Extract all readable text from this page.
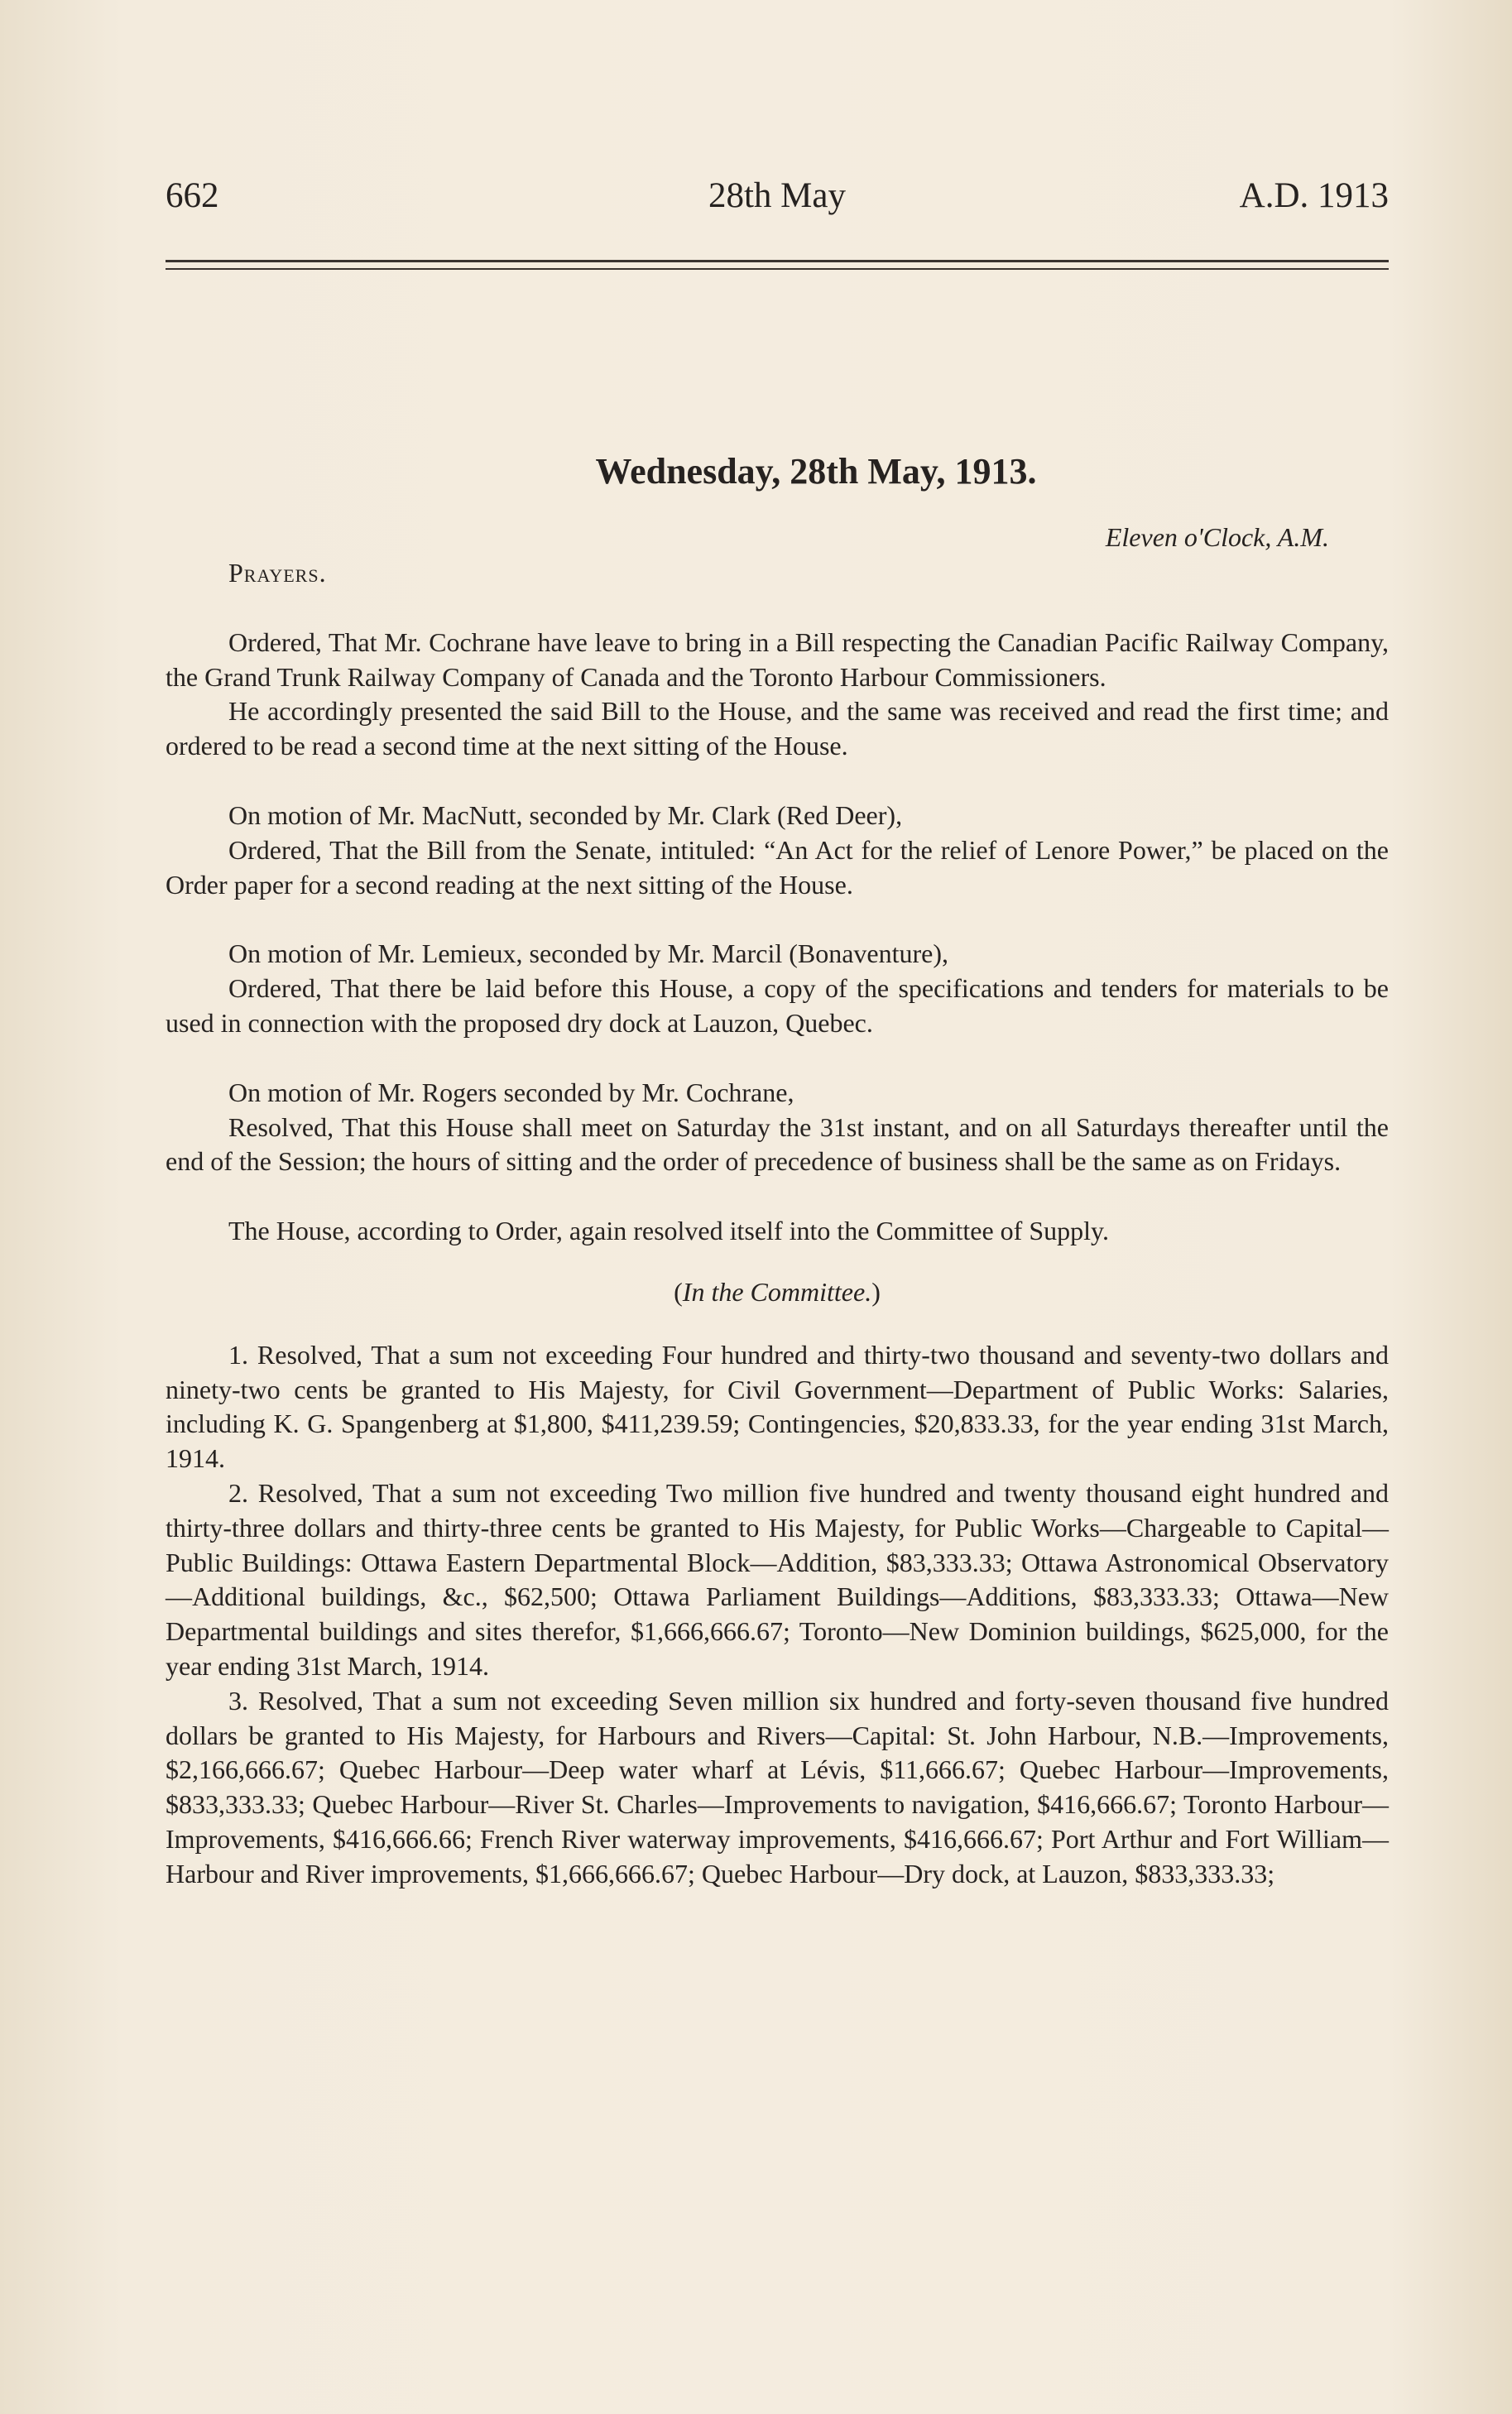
662	28th May	A.D. 1913
Wednesday, 28th May, 1913.
Eleven o'Clock, A.M.
Prayers.

Ordered, That Mr. Cochrane have leave to bring in a Bill respecting the Canadian Pacific Railway Company, the Grand Trunk Railway Company of Canada and the Toronto Harbour Commissioners.

He accordingly presented the said Bill to the House, and the same was received and read the first time; and ordered to be read a second time at the next sitting of the House.

On motion of Mr. MacNutt, seconded by Mr. Clark (Red Deer),

Ordered, That the Bill from the Senate, intituled: “An Act for the relief of Lenore Power,” be placed on the Order paper for a second reading at the next sitting of the House.

On motion of Mr. Lemieux, seconded by Mr. Marcil (Bonaventure),

Ordered, That there be laid before this House, a copy of the specifications and tenders for materials to be used in connection with the proposed dry dock at Lauzon, Quebec.

On motion of Mr. Rogers seconded by Mr. Cochrane,

Resolved, That this House shall meet on Saturday the 31st instant, and on all Saturdays thereafter until the end of the Session; the hours of sitting and the order of precedence of business shall be the same as on Fridays.

The House, according to Order, again resolved itself into the Committee of Supply.

(In the Committee.)

1. Resolved, That a sum not exceeding Four hundred and thirty-two thousand and seventy-two dollars and ninety-two cents be granted to His Majesty, for Civil Government—Department of Public Works: Salaries, including K. G. Spangenberg at $1,800, $411,239.59; Contingencies, $20,833.33, for the year ending 31st March, 1914.

2. Resolved, That a sum not exceeding Two million five hundred and twenty thousand eight hundred and thirty-three dollars and thirty-three cents be granted to His Majesty, for Public Works—Chargeable to Capital—Public Buildings: Ottawa Eastern Departmental Block—Addition, $83,333.33; Ottawa Astronomical Observatory—Additional buildings, &c., $62,500; Ottawa Parliament Buildings—Additions, $83,333.33; Ottawa—New Departmental buildings and sites therefor, $1,666,666.67; Toronto—New Dominion buildings, $625,000, for the year ending 31st March, 1914.

3. Resolved, That a sum not exceeding Seven million six hundred and forty-seven thousand five hundred dollars be granted to His Majesty, for Harbours and Rivers—Capital: St. John Harbour, N.B.—Improvements, $2,166,666.67; Quebec Harbour—Deep water wharf at Lévis, $11,666.67; Quebec Harbour—Improvements, $833,333.33; Quebec Harbour—River St. Charles—Improvements to navigation, $416,666.67; Toronto Harbour—Improvements, $416,666.66; French River waterway improvements, $416,666.67; Port Arthur and Fort William—Harbour and River improvements, $1,666,666.67; Quebec Harbour—Dry dock, at Lauzon, $833,333.33;
